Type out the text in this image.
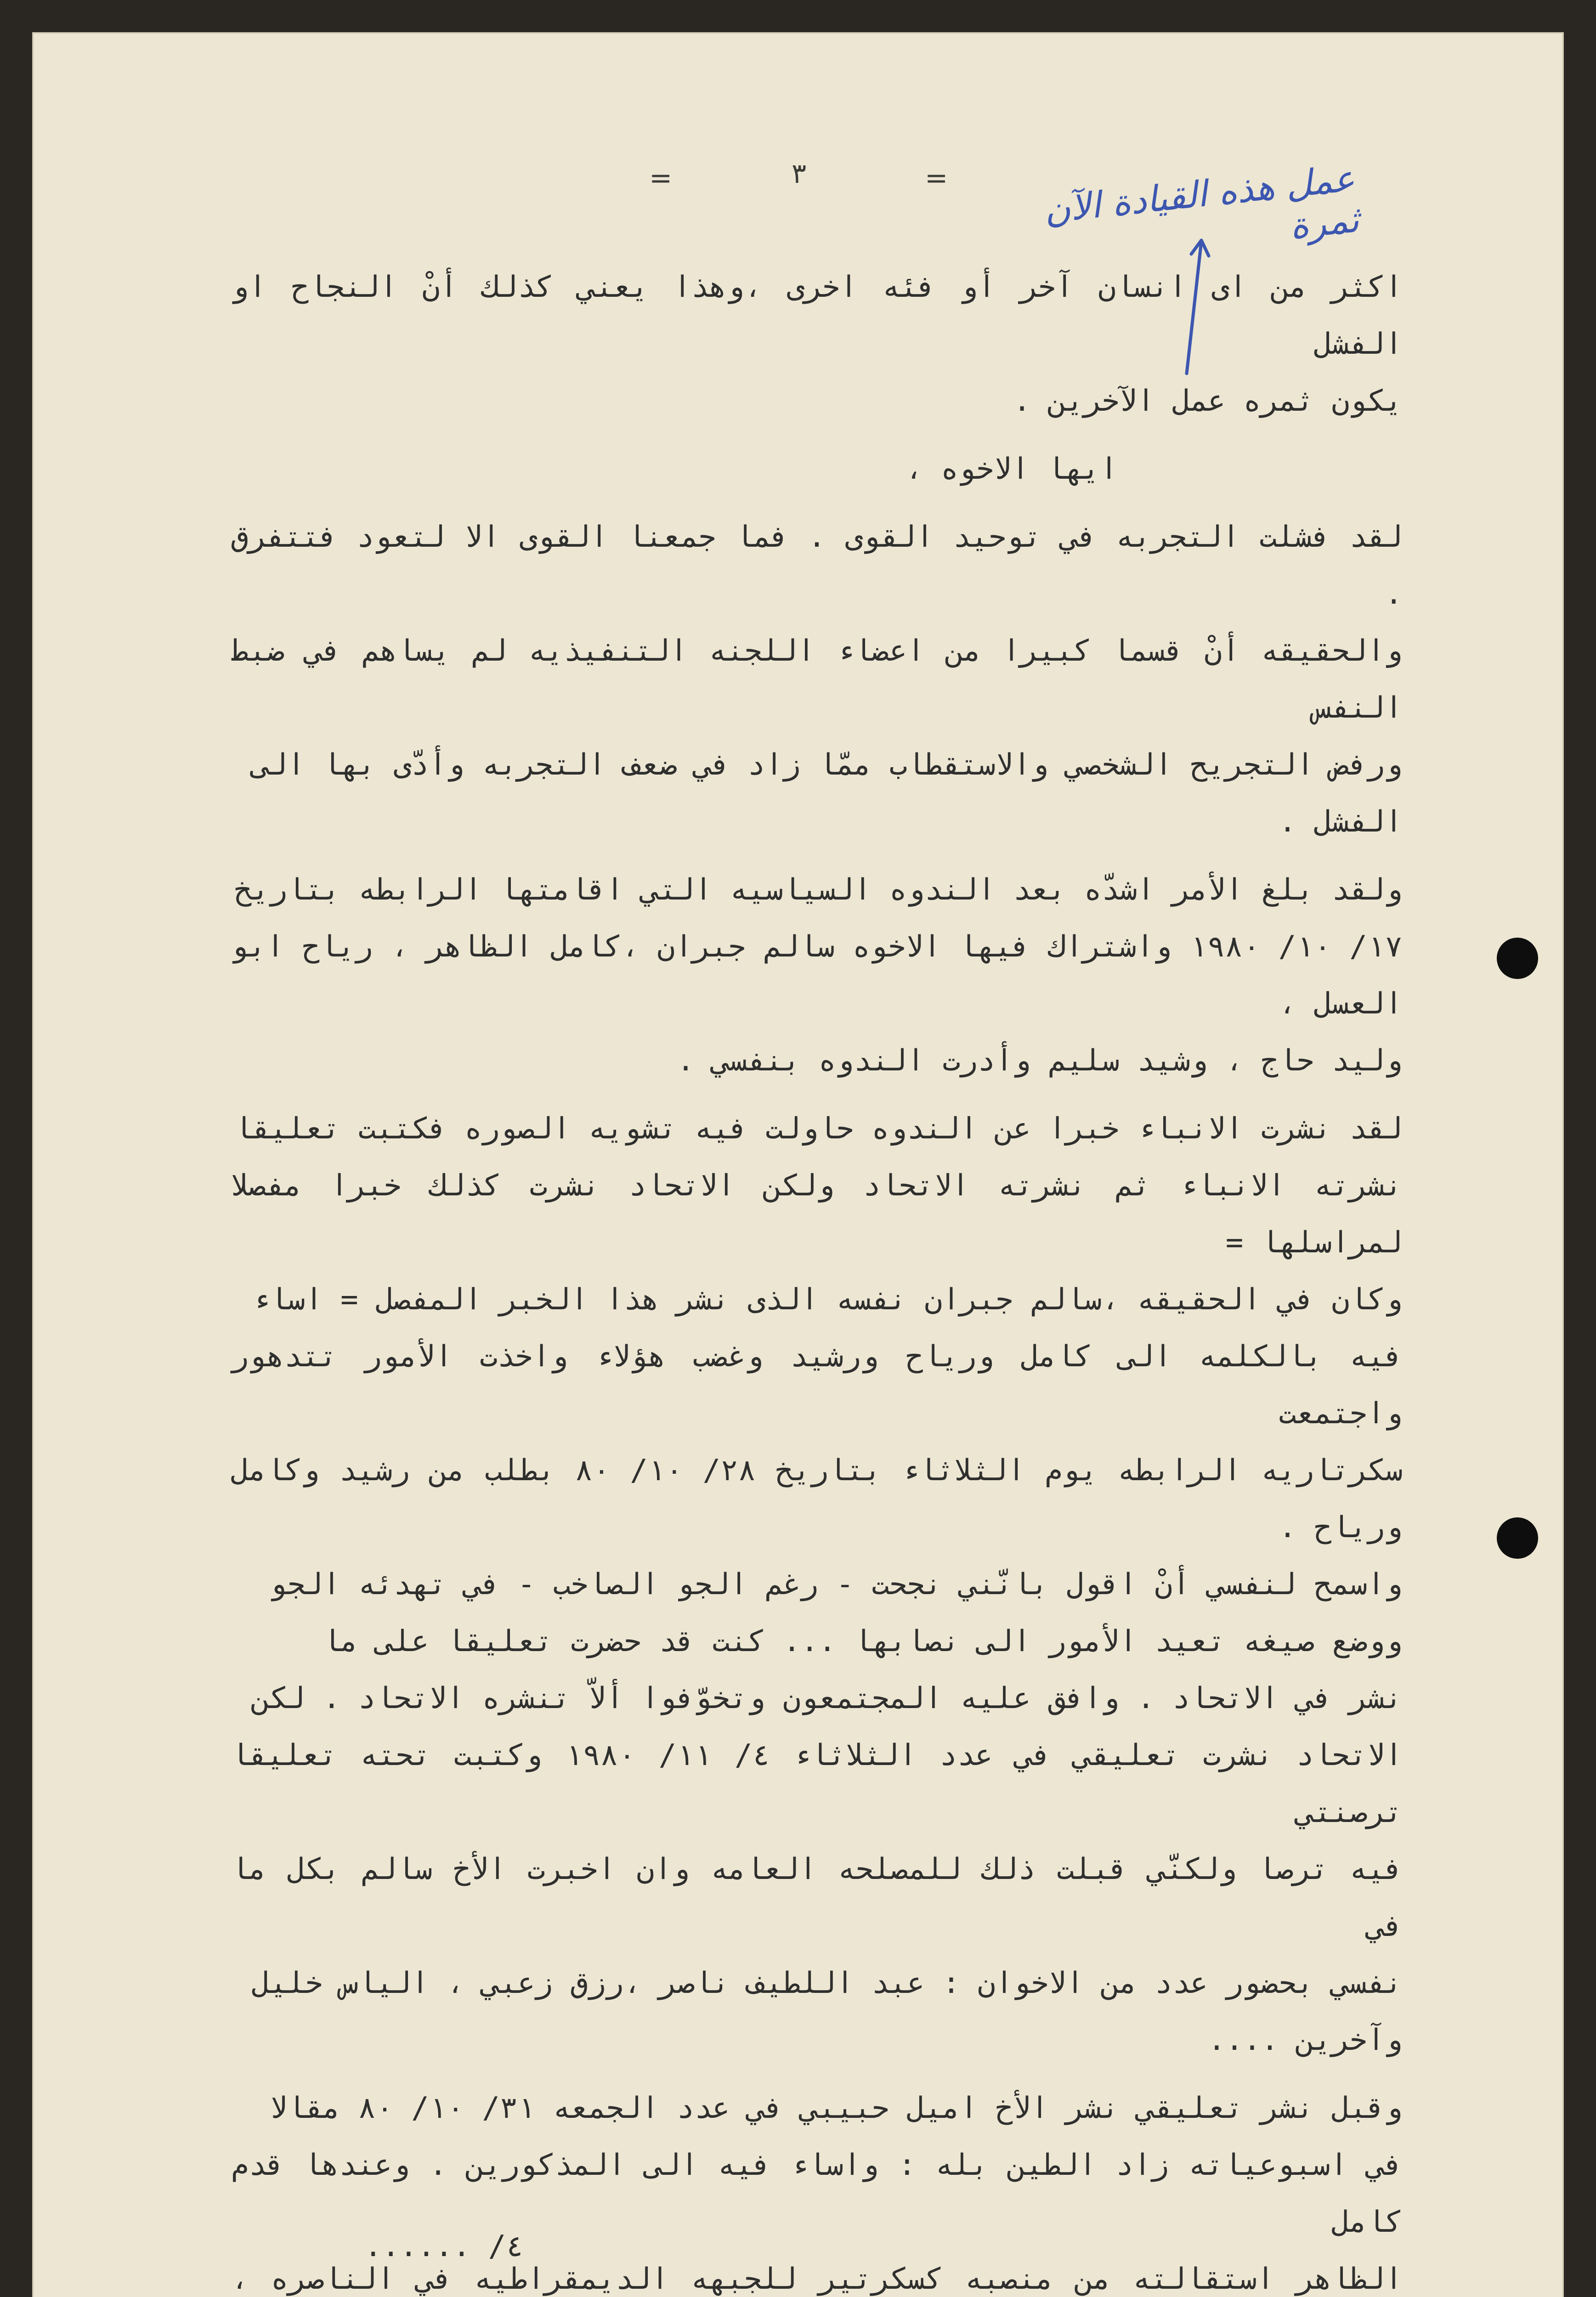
=	٣	=	عمل هذه القيادة الآن ثمرة

اكثر من اى انسان آخر أو فئه اخرى ،وهذا يعني كذلك أنْ النجاح او الفشل
يكون ثمره عمل الآخرين .

ايها الاخوه ،

لقد فشلت التجربه في توحيد القوى . فما جمعنا القوى الا لتعود فتتفرق .
والحقيقه أنْ قسما كبيرا من اعضاء اللجنه التنفيذيه لم يساهم في ضبط النفس
ورفض التجريح الشخصي والاستقطاب ممّا زاد في ضعف التجربه وأدّى بها الى
الفشل .

ولقد بلغ الأمر اشدّه بعد الندوه السياسيه التي اقامتها الرابطه بتاريخ
١٧/ ١٠/ ١٩٨٠ واشتراك فيها الاخوه سالم جبران ،كامل الظاهر ، رياح ابو العسل ،
وليد حاج ، وشيد سليم وأدرت الندوه بنفسي .

لقد نشرت الانباء خبرا عن الندوه حاولت فيه تشويه الصوره فكتبت تعليقا
نشرته الانباء ثم نشرته الاتحاد ولكن الاتحاد نشرت كذلك خبرا مفصلا لمراسلها =
وكان في الحقيقه ،سالم جبران نفسه الذى نشر هذا الخبر المفصل = اساء
فيه بالكلمه الى كامل ورياح ورشيد وغضب هؤلاء واخذت الأمور تتدهور واجتمعت
سكرتاريه الرابطه يوم الثلاثاء بتاريخ ٢٨/ ١٠/ ٨٠ بطلب من رشيد وكامل ورياح .
واسمح لنفسي أنْ اقول بانّني نجحت - رغم الجو الصاخب - في تهدئه الجو
ووضع صيغه تعيد الأمور الى نصابها ... كنت قد حضرت تعليقا على ما
نشر في الاتحاد . وافق عليه المجتمعون وتخوّفوا ألاّ تنشره الاتحاد . لكن
الاتحاد نشرت تعليقي في عدد الثلاثاء ٤/ ١١/ ١٩٨٠ وكتبت تحته تعليقا ترصنتي
فيه ترصا ولكنّي قبلت ذلك للمصلحه العامه وان اخبرت الأخ سالم بكل ما في
نفسي بحضور عدد من الاخوان : عبد اللطيف ناصر ،رزق زعبي ، الياس خليل
وآخرين ....

وقبل نشر تعليقي نشر الأخ اميل حبيبي في عدد الجمعه ٣١/ ١٠/ ٨٠ مقالا
في اسبوعياته زاد الطين بله : واساء فيه الى المذكورين . وعندها قدم كامل
الظاهر استقالته من منصبه كسكرتير للجبهه الديمقراطيه في الناصره ،

٤/ ......
